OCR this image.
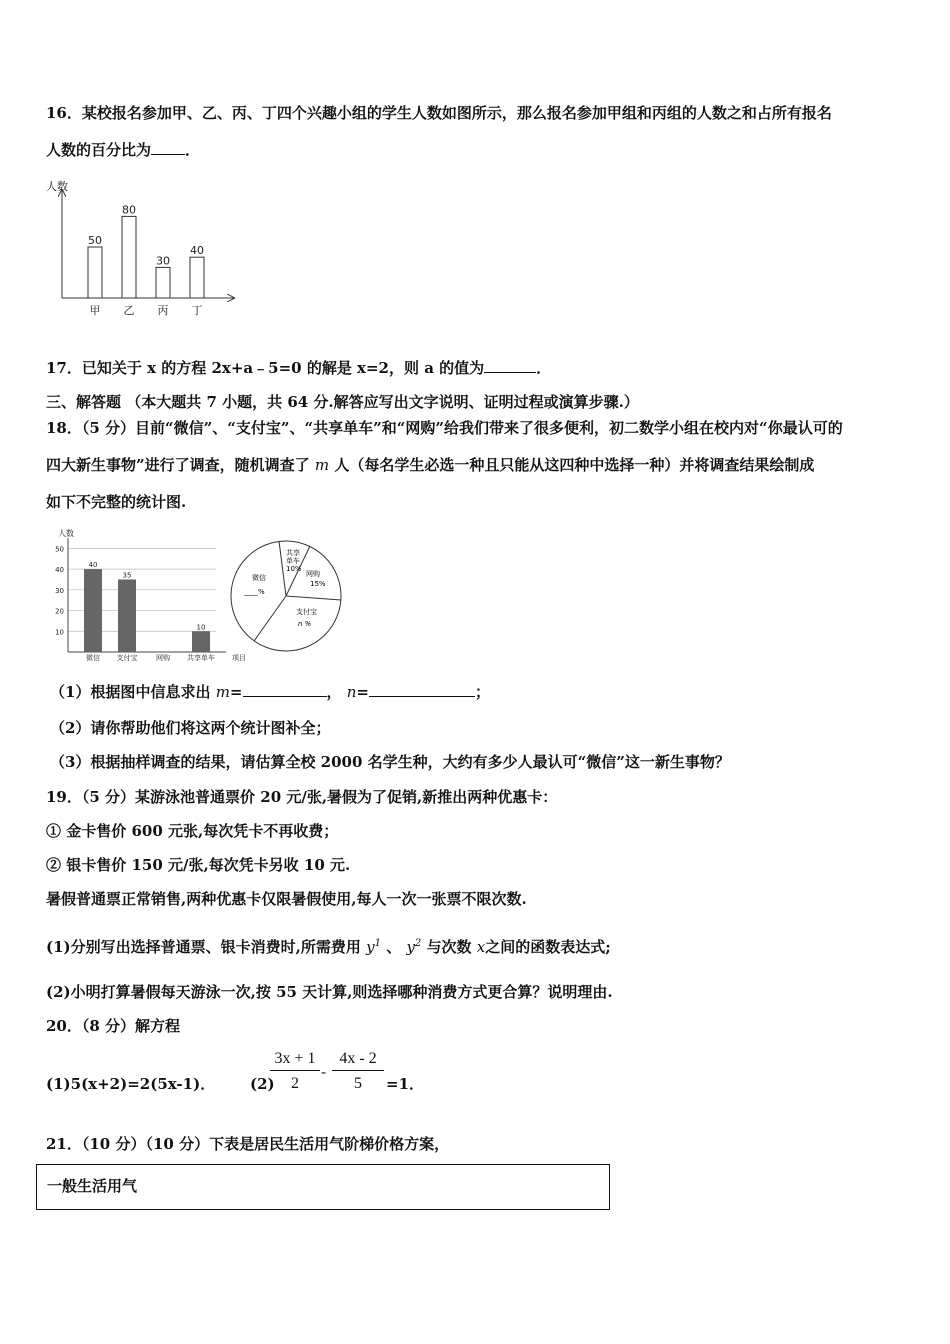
16．某校报名参加甲、乙、丙、丁四个兴趣小组的学生人数如图所示，那么报名参加甲组和丙组的人数之和占所有报名
人数的百分比为 ．
人数
50
甲
80
乙
30
丙
40
丁
17．已知关于 x 的方程 2x+a﹣5=0 的解是 x=2，则 a 的值为	．
三、解答题 （本大题共 7 小题，共 64 分.解答应写出文字说明、证明过程或演算步骤.）
18．（5 分）目前“微信”、“支付宝”、“共享单车”和“网购”给我们带来了很多便利，初二数学小组在校内对“你最认可的
四大新生事物”进行了调查，随机调查了 m 人（每名学生必选一种且只能从这四种中选择一种）并将调查结果绘制成
如下不完整的统计图.
10
20
30
40
50
人数
项目
40
微信
35
支付宝	网购
10
共享单车
共享
单车
10%
网购
15%
支付宝
n %
微信
____%
（1）根据图中信息求出 m=	， n=	；
（2）请你帮助他们将这两个统计图补全；
（3）根据抽样调查的结果，请估算全校 2000 名学生种，大约有多少人最认可“微信”这一新生事物？
19．（5 分）某游泳池普通票价 20 元/张,暑假为了促销,新推出两种优惠卡：
① 金卡售价 600 元张,每次凭卡不再收费；
② 银卡售价 150 元/张,每次凭卡另收 10 元.
暑假普通票正常销售,两种优惠卡仅限暑假使用,每人一次一张票不限次数.
(1)分别写出选择普通票、银卡消费时,所需费用 $y^1$ 、 $y^2$ 与次数 x之间的函数表达式;
(2)小明打算暑假每天游泳一次,按 55 天计算,则选择哪种消费方式更合算？说明理由.
20．（8 分）解方程
(1)5(x+2)=2(5x-1)． (2)
$\frac{3x + 1}{2} - \frac{4x - 2}{5} =1$．
21．（10 分）（10 分）下表是居民生活用气阶梯价格方案，
一般生活用气
